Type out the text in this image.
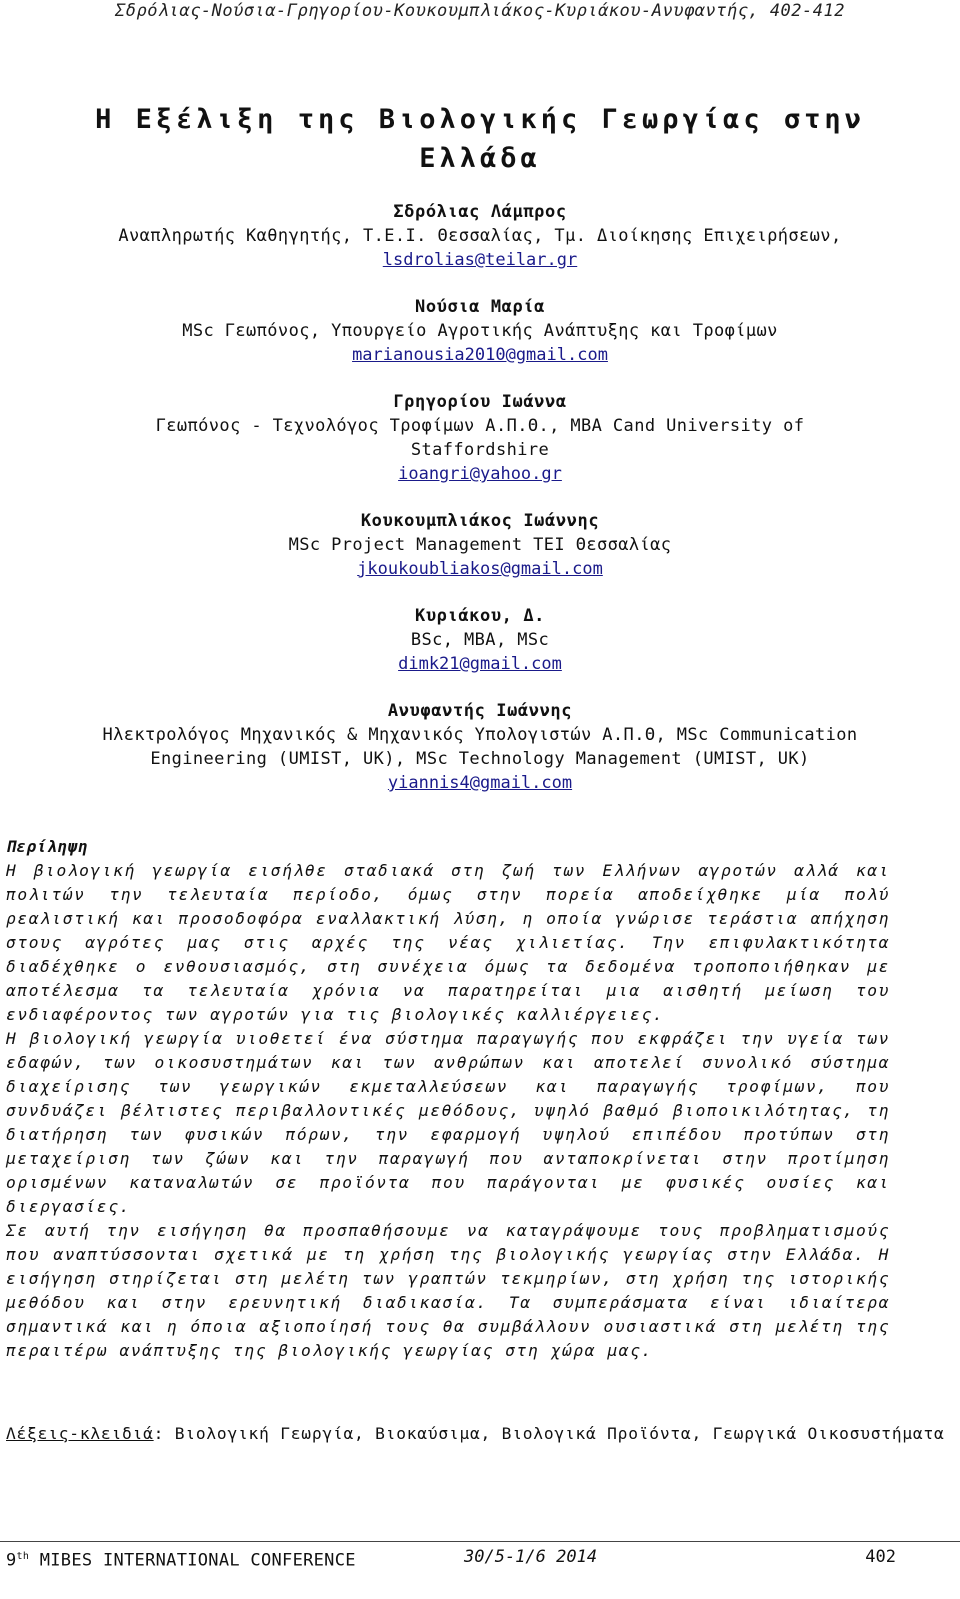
Σδρόλιας-Νούσια-Γρηγορίου-Κουκουμπλιάκος-Κυριάκου-Ανυφαντής, 402-412
Η Εξέλιξη της Βιολογικής Γεωργίας στην Ελλάδα
Σδρόλιας Λάμπρος
Αναπληρωτής Καθηγητής, Τ.Ε.Ι. Θεσσαλίας, Τμ. Διοίκησης Επιχειρήσεων,
lsdrolias@teilar.gr
Νούσια Μαρία
MSc Γεωπόνος, Υπουργείο Αγροτικής Ανάπτυξης και Τροφίμων
marianousia2010@gmail.com
Γρηγορίου Ιωάννα
Γεωπόνος - Τεχνολόγος Τροφίμων Α.Π.Θ., MBA Cand University of Staffordshire
ioangri@yahoo.gr
Κουκουμπλιάκος Ιωάννης
MSc Project Management ΤΕΙ Θεσσαλίας
jkoukoubliakos@gmail.com
Κυριάκου, Δ.
BSc, MBA, MSc
dimk21@gmail.com
Ανυφαντής Ιωάννης
Ηλεκτρολόγος Μηχανικός & Μηχανικός Υπολογιστών Α.Π.Θ, MSc Communication Engineering (UMIST, UK), MSc Technology Management (UMIST, UK)
yiannis4@gmail.com
Περίληψη

Η βιολογική γεωργία εισήλθε σταδιακά στη ζωή των Ελλήνων αγροτών αλλά και πολιτών την τελευταία περίοδο, όμως στην πορεία αποδείχθηκε μία πολύ ρεαλιστική και προσοδοφόρα εναλλακτική λύση, η οποία γνώρισε τεράστια απήχηση στους αγρότες μας στις αρχές της νέας χιλιετίας. Την επιφυλακτικότητα διαδέχθηκε ο ενθουσιασμός, στη συνέχεια όμως τα δεδομένα τροποποιήθηκαν με αποτέλεσμα τα τελευταία χρόνια να παρατηρείται μια αισθητή μείωση του ενδιαφέροντος των αγροτών για τις βιολογικές καλλιέργειες.

Η βιολογική γεωργία υιοθετεί ένα σύστημα παραγωγής που εκφράζει την υγεία των εδαφών, των οικοσυστημάτων και των ανθρώπων και αποτελεί συνολικό σύστημα διαχείρισης των γεωργικών εκμεταλλεύσεων και παραγωγής τροφίμων, που συνδυάζει βέλτιστες περιβαλλοντικές μεθόδους, υψηλό βαθμό βιοποικιλότητας, τη διατήρηση των φυσικών πόρων, την εφαρμογή υψηλού επιπέδου προτύπων στη μεταχείριση των ζώων και την παραγωγή που ανταποκρίνεται στην προτίμηση ορισμένων καταναλωτών σε προϊόντα που παράγονται με φυσικές ουσίες και διεργασίες.

Σε αυτή την εισήγηση θα προσπαθήσουμε να καταγράψουμε τους προβληματισμούς που αναπτύσσονται σχετικά με τη χρήση της βιολογικής γεωργίας στην Ελλάδα. Η εισήγηση στηρίζεται στη μελέτη των γραπτών τεκμηρίων, στη χρήση της ιστορικής μεθόδου και στην ερευνητική διαδικασία. Τα συμπεράσματα είναι ιδιαίτερα σημαντικά και η όποια αξιοποίησή τους θα συμβάλλουν ουσιαστικά στη μελέτη της περαιτέρω ανάπτυξης της βιολογικής γεωργίας στη χώρα μας.

Λέξεις-κλειδιά: Βιολογική Γεωργία, Βιοκαύσιμα, Βιολογικά Προϊόντα, Γεωργικά Οικοσυστήματα
9th MIBES INTERNATIONAL CONFERENCE	30/5-1/6 2014	402
